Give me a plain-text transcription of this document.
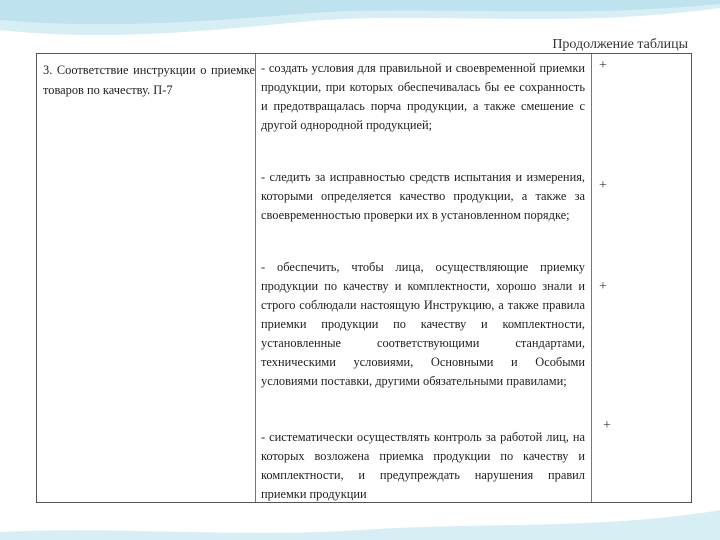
Продолжение таблицы
3. Соответствие инструкции о приемке товаров по качеству. П-7
- создать условия для правильной и своевременной приемки продукции, при которых обеспечивалась бы ее сохранность и предотвращалась порча продукции, а также смешение с другой однородной продукцией;
+
- следить за исправностью средств испытания и измерения, которыми определяется качество продукции, а также за своевременностью проверки их в установленном порядке;
+
- обеспечить, чтобы лица, осуществляющие приемку продукции по качеству и комплектности, хорошо знали и строго соблюдали настоящую Инструкцию, а также правила приемки продукции по качеству и комплектности, установленные соответствующими стандартами, техническими условиями, Основными и Особыми условиями поставки, другими обязательными правилами;
+
- систематически осуществлять контроль за работой лиц, на которых возложена приемка продукции по качеству и комплектности, и предупреждать нарушения правил приемки продукции
+
